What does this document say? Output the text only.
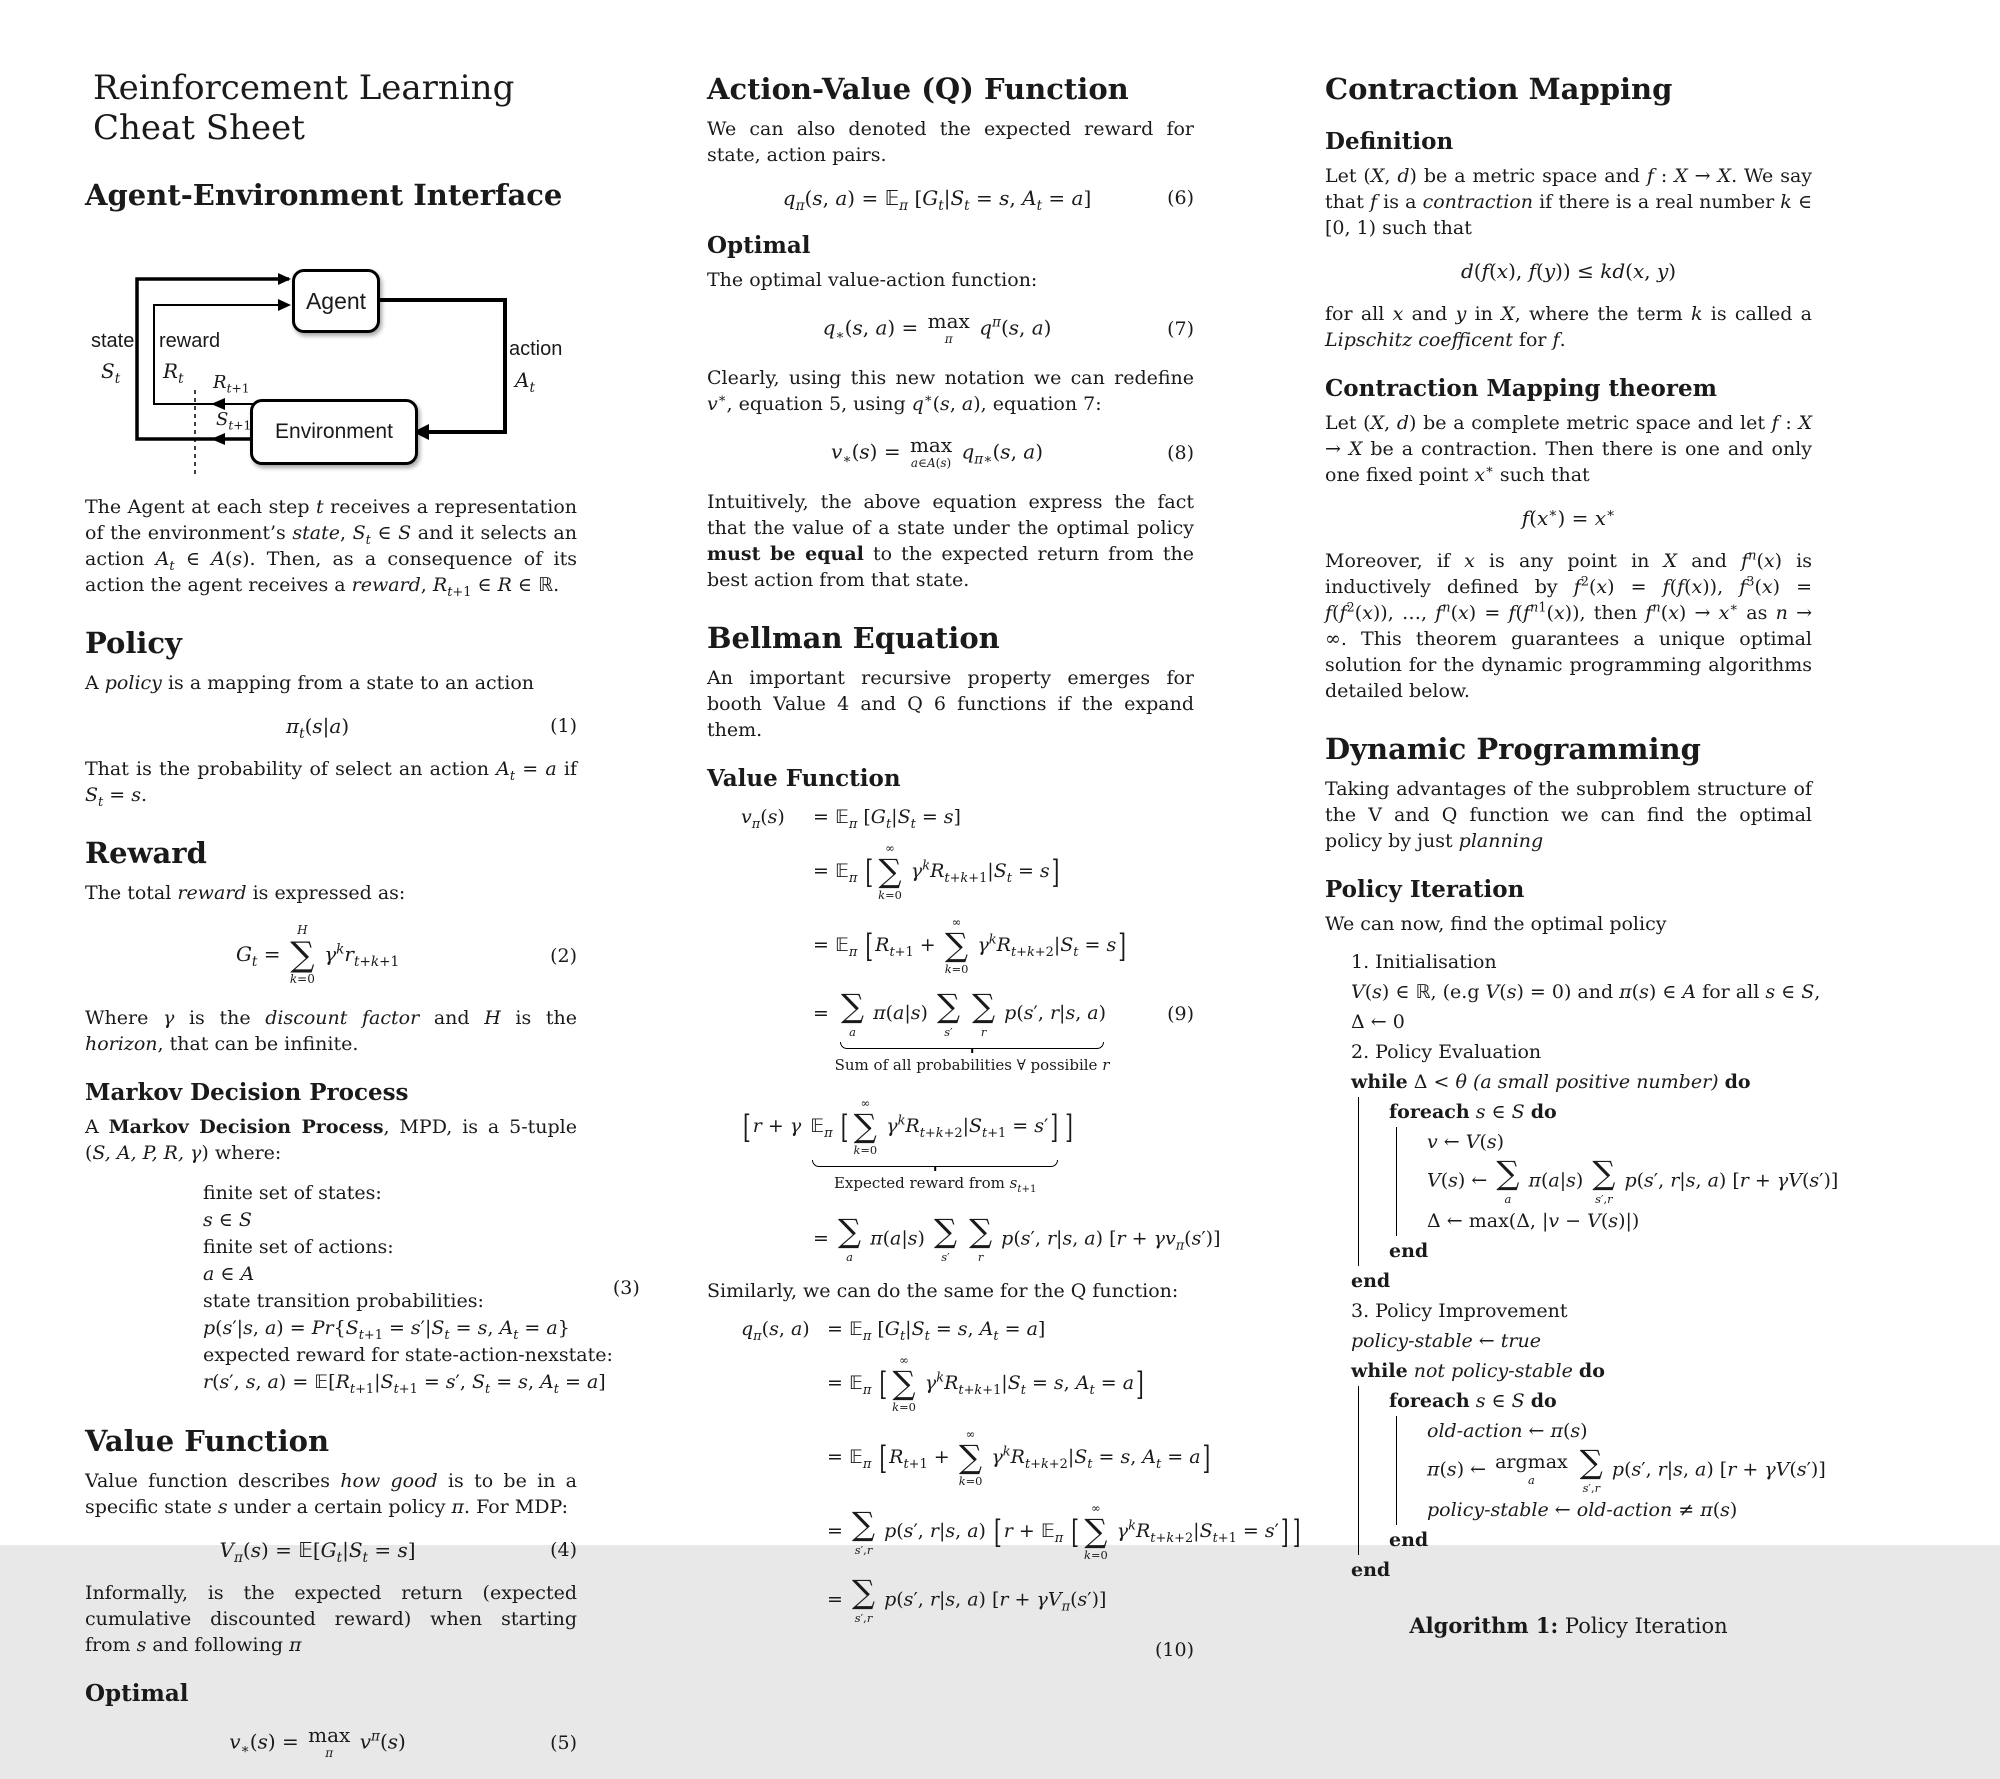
Reinforcement Learning Cheat Sheet
Agent-Environment Interface
Agent
Environment
state
$S_t$
reward
$R_t$
action
$A_t$
$R_{t+1}$
$S_{t+1}$

The Agent at each step t receives a representation of the environment’s state, $S_t$ ∈ S and it selects an action $A_t$ ∈ A(s). Then, as a consequence of its action the agent receives a reward, $R_{t+1}$ ∈ R ∈ ℝ.

Policy

A policy is a mapping from a state to an action

$\pi_t(s|a)$	(1)

That is the probability of select an action $A_t = a$ if $S_t = s$.

Reward

The total reward is expressed as:

$G_t$ =
H
∑
k=0
$\gamma^kr_{t+k+1}$	(2)

Where γ is the discount factor and H is the horizon, that can be infinite.

Markov Decision Process

A Markov Decision Process, MPD, is a 5-tuple (S, A, P, R, γ) where:

finite set of states:
s ∈ S
finite set of actions:
a ∈ A
state transition probabilities:
p(s′|s, $a) = Pr\{S_{t+1} = s'|S_t = s$, $A_t = a$}
expected reward for state-action-nexstate:
r(s′, s, $a) = 𝔼[R_{t+1}|S_{t+1} = s'$, $S_t = s$, $A_t = a$]
(3)
Value Function

Value function describes how good is to be in a specific state s under a certain policy π. For MDP:

$V_\pi(s)$ = $𝔼[G_t|S_t = s]$	(4)

Informally, is the expected return (expected cumulative discounted reward) when starting from s and following π

Optimal
$v_∗(s) = \max$
π $v^\pi(s)$	(5)
Action-Value (Q) Function

We can also denoted the expected reward for state, action pairs.

$q_\pi(s$, a) = 𝔼$_\pi$ [$G_t|S_t = s$, $A_t = a$]	(6)
Optimal

The optimal value-action function:

$q_∗(s$, a) = max
π $q^\pi(s$, a)	(7)

Clearly, using this new notation we can redefine v∗, equation 5, using q∗(s, a), equation 7:

$v_∗(s) = \max$
a∈A(s) $q_{\pi∗}(s$, a)	(8)

Intuitively, the above equation express the fact that the value of a state under the optimal policy must be equal to the expected return from the best action from that state.

Bellman Equation

An important recursive property emerges for booth Value 4 and Q 6 functions if the expand them.

Value Function
$v_\pi(s)$	= 𝔼$_\pi$ $[G_t|S_t = s]$
= 𝔼$_\pi$ [
∞
∑
k=0
$\gamma^kR_{t+k+1}|S_t = s$ ]
= 𝔼$_\pi$ [ $R_{t+1}$ +
∞
∑
k=0
$\gamma^kR_{t+k+2}|S_t = s$ ]
= ∑
a
π(a|s) ∑
s′

∑
r
p(s′, r|s, a)
Sum of all probabilities ∀ possibile r
(9)
[ r + γ 𝔼$_\pi$ [
∞
∑
k=0
$\gamma^kR_{t+k+2}|S_{t+1} = s'$ ]
Expected reward from $s_{t+1}$
]
= ∑
a
π(a|s) ∑
s′

∑
r
p(s′, r|s, a) $[r + \gamma v_\pi(s')]$

Similarly, we can do the same for the Q function:

$q_\pi(s$, a) = 𝔼$_\pi$ [$G_t|S_t = s$, $A_t = a$]
= 𝔼$_\pi$ [
∞
∑
k=0
$\gamma^kR_{t+k+1}|S_t = s$, $A_t = a$ ]
= 𝔼$_\pi$ [ $R_{t+1}$ +
∞
∑
k=0
$\gamma^kR_{t+k+2}|S_t = s$, $A_t = a$ ]
= ∑
s′,r
p(s′, r|s, a) [ r + 𝔼$_\pi$ [
∞
∑
k=0
$\gamma^kR_{t+k+2}|S_{t+1} = s'$ ] ]
= ∑
s′,r
p(s′, r|s, a) $[r + \gamma V_\pi(s')]$
(10)
Contraction Mapping
Definition

Let (X, d) be a metric space and f : X → X. We say that f is a contraction if there is a real number k ∈ [0, 1) such that

d(f(x), f(y)) ≤ kd(x, y)

for all x and y in X, where the term k is called a Lipschitz coefficent for f.

Contraction Mapping theorem

Let (X, d) be a complete metric space and let f : X → X be a contraction. Then there is one and only one fixed point x∗ such that

f(x∗) = x∗

Moreover, if x is any point in X and $f^n(x)$ is inductively defined by $f^2(x) = f(f(x))$, $f^3(x) = f(f^2(x))$, …, $f^n(x) = f(f^{n1}(x))$, then $f^n(x) \to x^∗$ as n → ∞. This theorem guarantees a unique optimal solution for the dynamic programming algorithms detailed below.

Dynamic Programming

Taking advantages of the subproblem structure of the V and Q function we can find the optimal policy by just planning

Policy Iteration

We can now, find the optimal policy

1. Initialisation
V(s) ∈ ℝ, (e.g V(s) = 0) and π(s) ∈ A for all s ∈ S,
Δ ← 0
2. Policy Evaluation
while Δ < θ (a small positive number) do
foreach s ∈ S do
v ← V(s)
V(s) ← ∑
a
π(a|s) ∑
s′,r
p(s′, r|s, a) [r + γV(s′)]
Δ ← max(Δ, |v − V(s)|)
end
end
3. Policy Improvement
policy-stable ← true
while not policy-stable do
foreach s ∈ S do
old-action ← π(s)
π(s) ← argmax
a
∑
s′,r
p(s′, r|s, a) [r + γV(s′)]
policy-stable ← old-action ≠ π(s)
end
end
Algorithm 1: Policy Iteration
